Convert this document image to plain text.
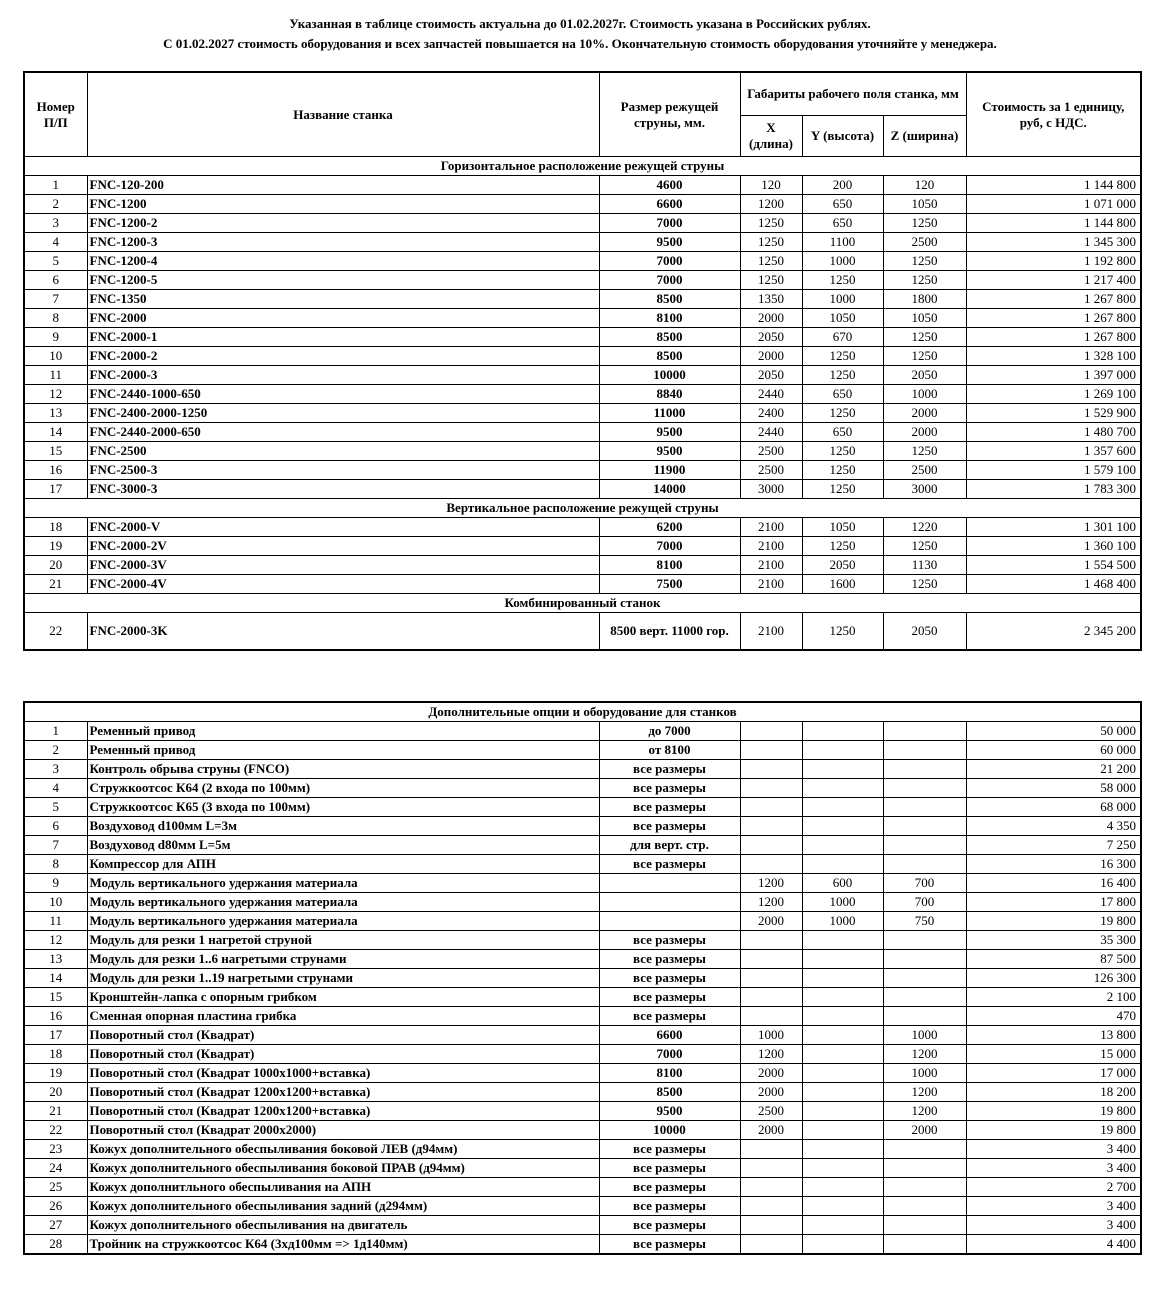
Указанная в таблице стоимость актуальна до 01.02.2027г. Стоимость указана в Российских рублях.
С 01.02.2027 стоимость оборудования и всех запчастей повышается на 10%. Окончательную стоимость оборудования уточняйте у менеджера.
Номер П/П	Название станка	Размер режущей струны, мм.	Габариты рабочего поля станка, мм			Стоимость за 1 единицу, руб, с НДС.
			X (длина)	Y (высота)	Z (ширина)	
Горизонтальное расположение режущей струны						
1	FNC-120-200	4600	120	200	120	1 144 800
2	FNC-1200	6600	1200	650	1050	1 071 000
3	FNC-1200-2	7000	1250	650	1250	1 144 800
4	FNC-1200-3	9500	1250	1100	2500	1 345 300
5	FNC-1200-4	7000	1250	1000	1250	1 192 800
6	FNC-1200-5	7000	1250	1250	1250	1 217 400
7	FNC-1350	8500	1350	1000	1800	1 267 800
8	FNC-2000	8100	2000	1050	1050	1 267 800
9	FNC-2000-1	8500	2050	670	1250	1 267 800
10	FNC-2000-2	8500	2000	1250	1250	1 328 100
11	FNC-2000-3	10000	2050	1250	2050	1 397 000
12	FNC-2440-1000-650	8840	2440	650	1000	1 269 100
13	FNC-2400-2000-1250	11000	2400	1250	2000	1 529 900
14	FNC-2440-2000-650	9500	2440	650	2000	1 480 700
15	FNC-2500	9500	2500	1250	1250	1 357 600
16	FNC-2500-3	11900	2500	1250	2500	1 579 100
17	FNC-3000-3	14000	3000	1250	3000	1 783 300
Вертикальное расположение режущей струны						
18	FNC-2000-V	6200	2100	1050	1220	1 301 100
19	FNC-2000-2V	7000	2100	1250	1250	1 360 100
20	FNC-2000-3V	8100	2100	2050	1130	1 554 500
21	FNC-2000-4V	7500	2100	1600	1250	1 468 400
Комбинированный станок						
22	FNC-2000-3K	8500 верт. 11000 гор.	2100	1250	2050	2 345 200
Дополнительные опции и оборудование для станков						
1	Ременный привод	до 7000				50 000
2	Ременный привод	от 8100				60 000
3	Контроль обрыва струны (FNCO)	все размеры				21 200
4	Стружкоотсос К64 (2 входа по 100мм)	все размеры				58 000
5	Стружкоотсос К65 (3 входа по 100мм)	все размеры				68 000
6	Воздуховод d100мм L=3м	все размеры				4 350
7	Воздуховод d80мм L=5м	для верт. стр.				7 250
8	Компрессор для АПН	все размеры				16 300
9	Модуль вертикального удержания материала		1200	600	700	16 400
10	Модуль вертикального удержания материала		1200	1000	700	17 800
11	Модуль вертикального удержания материала		2000	1000	750	19 800
12	Модуль для резки 1 нагретой струной	все размеры				35 300
13	Модуль для резки 1..6 нагретыми струнами	все размеры				87 500
14	Модуль для резки 1..19 нагретыми струнами	все размеры				126 300
15	Кронштейн-лапка с опорным грибком	все размеры				2 100
16	Сменная опорная пластина грибка	все размеры				470
17	Поворотный стол (Квадрат)	6600	1000		1000	13 800
18	Поворотный стол (Квадрат)	7000	1200		1200	15 000
19	Поворотный стол (Квадрат 1000х1000+вставка)	8100	2000		1000	17 000
20	Поворотный стол (Квадрат 1200х1200+вставка)	8500	2000		1200	18 200
21	Поворотный стол (Квадрат 1200х1200+вставка)	9500	2500		1200	19 800
22	Поворотный стол (Квадрат 2000х2000)	10000	2000		2000	19 800
23	Кожух дополнительного обеспыливания боковой ЛЕВ (д94мм)	все размеры				3 400
24	Кожух дополнительного обеспыливания боковой ПРАВ (д94мм)	все размеры				3 400
25	Кожух дополнитльного обеспыливания на АПН	все размеры				2 700
26	Кожух дополнительного обеспыливания задний (д294мм)	все размеры				3 400
27	Кожух дополнительного обеспыливания на двигатель	все размеры				3 400
28	Тройник на стружкоотсос К64 (3хд100мм => 1д140мм)	все размеры				4 400
